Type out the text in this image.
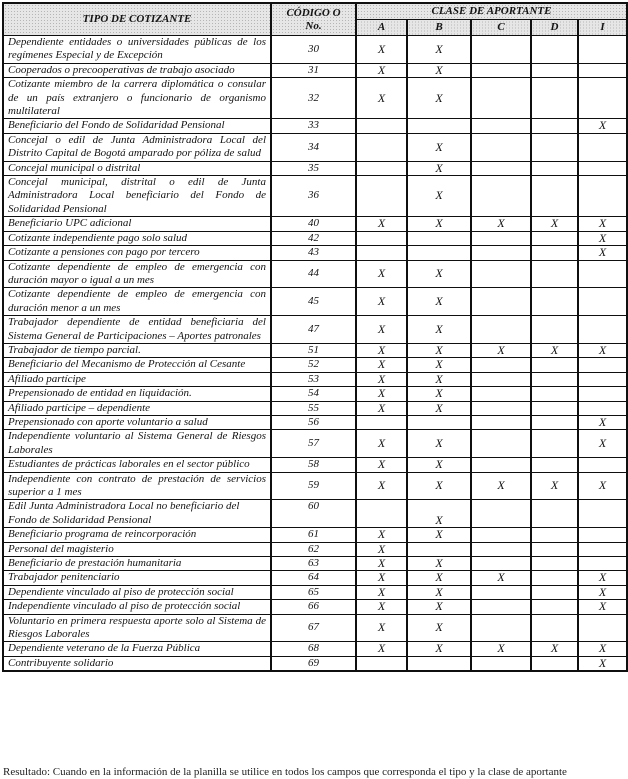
TIPO DE COTIZANTE	CÓDIGO O
No.	CLASE DE APORTANTE				
		A	B	C	D	I
Dependiente entidades o universidades públicas de los regímenes Especial y de Excepción	30	X	X			
Cooperados o precooperativas de trabajo asociado	31	X	X			
Cotizante miembro de la carrera diplomática o consular de un país extranjero o funcionario de organismo multilateral	32	X	X			
Beneficiario del Fondo de Solidaridad Pensional	33					X
Concejal o edil de Junta Administradora Local del Distrito Capital de Bogotá amparado por póliza de salud	34		X			
Concejal municipal o distrital	35		X			
Concejal municipal, distrital o edil de Junta Administradora Local beneficiario del Fondo de Solidaridad Pensional	36		X			
Beneficiario UPC adicional	40	X	X	X	X	X
Cotizante independiente pago solo salud	42					X
Cotizante a pensiones con pago por tercero	43					X
Cotizante dependiente de empleo de emergencia con duración mayor o igual a un mes	44	X	X			
Cotizante dependiente de empleo de emergencia con duración menor a un mes	45	X	X			
Trabajador dependiente de entidad beneficiaria del Sistema General de Participaciones – Aportes patronales	47	X	X			
Trabajador de tiempo parcial.	51	X	X	X	X	X
Beneficiario del Mecanismo de Protección al Cesante	52	X	X			
Afiliado partícipe	53	X	X			
Prepensionado de entidad en liquidación.	54	X	X			
Afiliado partícipe – dependiente	55	X	X			
Prepensionado con aporte voluntario a salud	56					X
Independiente voluntario al Sistema General de Riesgos Laborales	57	X	X			X
Estudiantes de prácticas laborales en el sector público	58	X	X			
Independiente con contrato de prestación de servicios superior a 1 mes	59	X	X	X	X	X
Edil Junta Administradora Local no beneficiario del Fondo de Solidaridad Pensional	60		X			
Beneficiario programa de reincorporación	61	X	X			
Personal del magisterio	62	X				
Beneficiario de prestación humanitaria	63	X	X			
Trabajador penitenciario	64	X	X	X		X
Dependiente vinculado al piso de protección social	65	X	X			X
Independiente vinculado al piso de protección social	66	X	X			X
Voluntario en primera respuesta aporte solo al Sistema de Riesgos Laborales	67	X	X			
Dependiente veterano de la Fuerza Pública	68	X	X	X	X	X
Contribuyente solidario	69					X
Resultado: Cuando en la información de la planilla se utilice en todos los campos que corresponda el tipo y la clase de aportante
